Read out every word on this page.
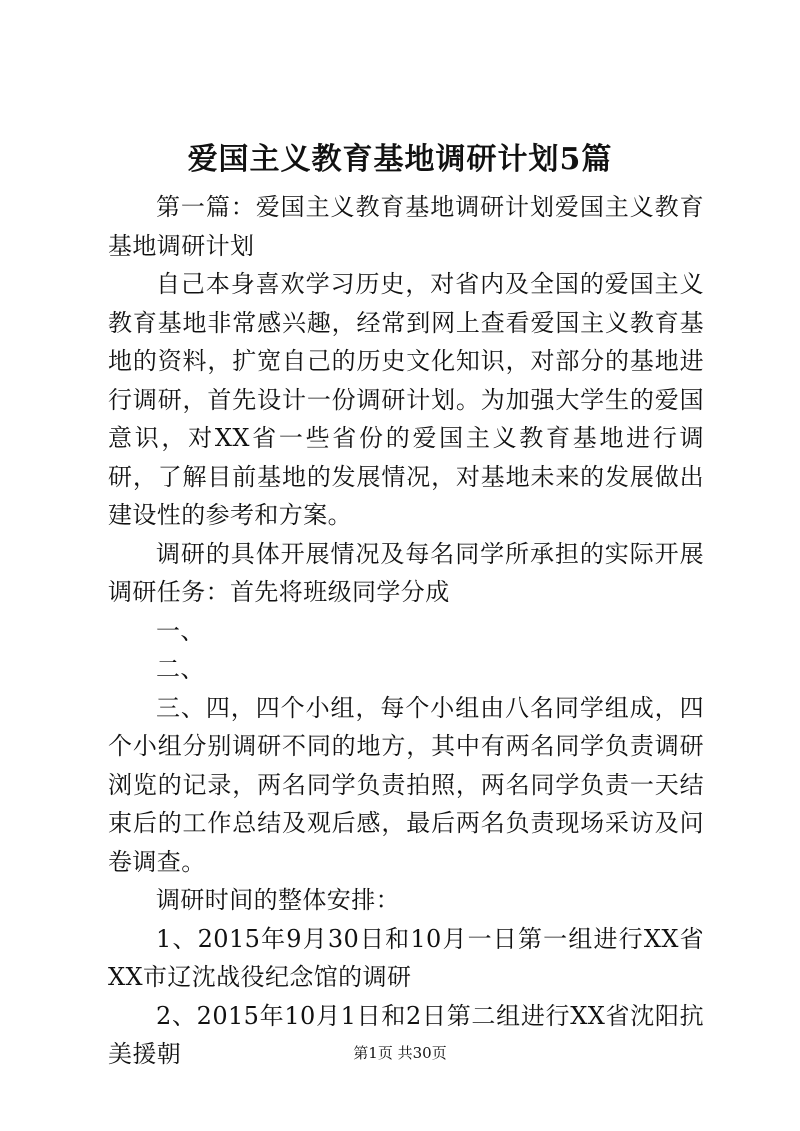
爱国主义教育基地调研计划5篇

第一篇：爱国主义教育基地调研计划爱国主义教育基地调研计划

自己本身喜欢学习历史，对省内及全国的爱国主义教育基地非常感兴趣，经常到网上查看爱国主义教育基地的资料，扩宽自己的历史文化知识，对部分的基地进行调研，首先设计一份调研计划。为加强大学生的爱国意识，对XX省一些省份的爱国主义教育基地进行调研，了解目前基地的发展情况，对基地未来的发展做出建设性的参考和方案。

调研的具体开展情况及每名同学所承担的实际开展调研任务：首先将班级同学分成

一、

二、

三、四，四个小组，每个小组由八名同学组成，四个小组分别调研不同的地方，其中有两名同学负责调研浏览的记录，两名同学负责拍照，两名同学负责一天结束后的工作总结及观后感，最后两名负责现场采访及问卷调查。

调研时间的整体安排：

1、2015年9月30日和10月一日第一组进行XX省XX市辽沈战役纪念馆的调研

2、2015年10月1日和2日第二组进行XX省沈阳抗美援朝	第1页 共30页
